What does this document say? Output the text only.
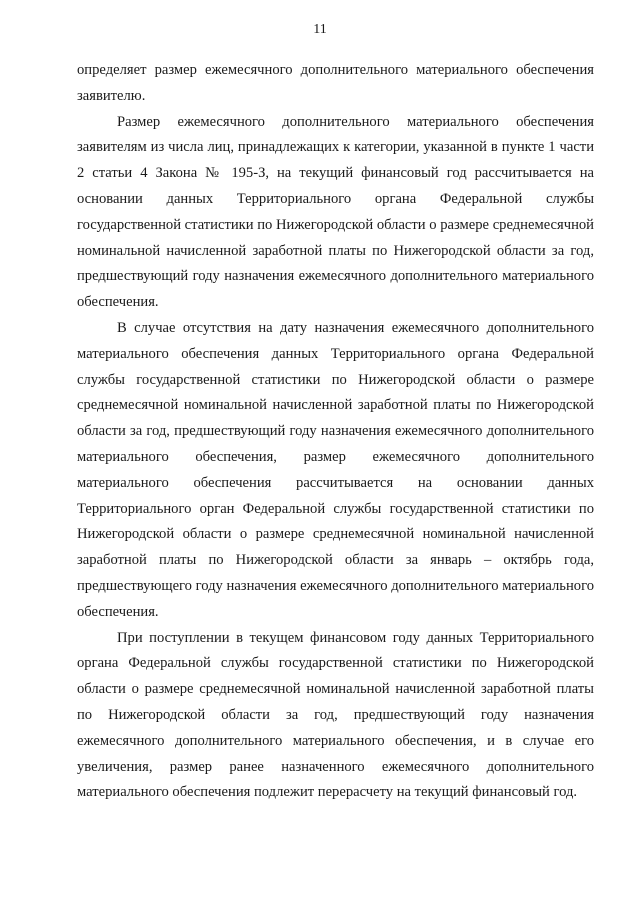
11

определяет размер ежемесячного дополнительного материального обеспечения заявителю.

Размер ежемесячного дополнительного материального обеспечения заявителям из числа лиц, принадлежащих к категории, указанной в пункте 1 части 2 статьи 4 Закона № 195-З, на текущий финансовый год рассчитывается на основании данных Территориального органа Федеральной службы государственной статистики по Нижегородской области о размере среднемесячной номинальной начисленной заработной платы по Нижегородской области за год, предшествующий году назначения ежемесячного дополнительного материального обеспечения.

В случае отсутствия на дату назначения ежемесячного дополнительного материального обеспечения данных Территориального органа Федеральной службы государственной статистики по Нижегородской области о размере среднемесячной номинальной начисленной заработной платы по Нижегородской области за год, предшествующий году назначения ежемесячного дополнительного материального обеспечения, размер ежемесячного дополнительного материального обеспечения рассчитывается на основании данных Территориального орган Федеральной службы государственной статистики по Нижегородской области о размере среднемесячной номинальной начисленной заработной платы по Нижегородской области за январь – октябрь года, предшествующего году назначения ежемесячного дополнительного материального обеспечения.

При поступлении в текущем финансовом году данных Территориального органа Федеральной службы государственной статистики по Нижегородской области о размере среднемесячной номинальной начисленной заработной платы по Нижегородской области за год, предшествующий году назначения ежемесячного дополнительного материального обеспечения, и в случае его увеличения, размер ранее назначенного ежемесячного дополнительного материального обеспечения подлежит перерасчету на текущий финансовый год.
